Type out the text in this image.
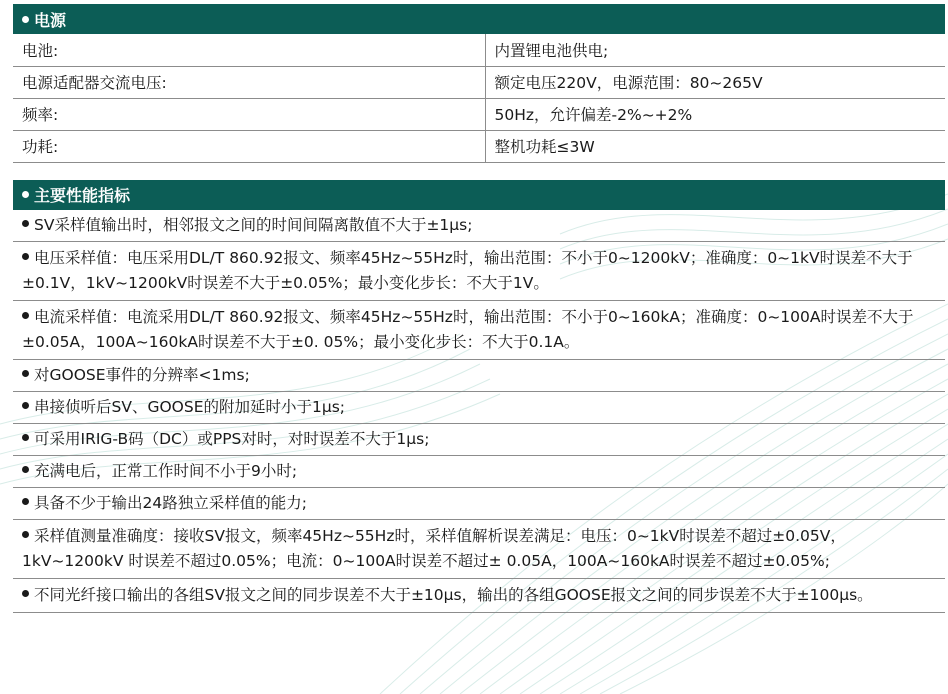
电源
电池:	内置锂电池供电;
电源适配器交流电压:	额定电压220V，电源范围：80~265V
频率:	50Hz，允许偏差-2%~+2%
功耗:	整机功耗≤3W
主要性能指标
SV采样值输出时，相邻报文之间的时间间隔离散值不大于±1μs;
电压采样值：电压采用DL/T 860.92报文、频率45Hz~55Hz时，输出范围：不小于0~1200kV；准确度：0~1kV时误差不大于±0.1V，1kV~1200kV时误差不大于±0.05%；最小变化步长：不大于1V。
电流采样值：电流采用DL/T 860.92报文、频率45Hz~55Hz时，输出范围：不小于0~160kA；准确度：0~100A时误差不大于±0.05A，100A~160kA时误差不大于±0. 05%；最小变化步长：不大于0.1A。
对GOOSE事件的分辨率<1ms;
串接侦听后SV、GOOSE的附加延时小于1μs;
可采用IRIG-B码（DC）或PPS对时，对时误差不大于1μs;
充满电后，正常工作时间不小于9小时;
具备不少于输出24路独立采样值的能力;
采样值测量准确度：接收SV报文，频率45Hz~55Hz时，采样值解析误差满足：电压：0~1kV时误差不超过±0.05V，1kV~1200kV 时误差不超过0.05%；电流：0~100A时误差不超过± 0.05A，100A~160kA时误差不超过±0.05%;
不同光纤接口输出的各组SV报文之间的同步误差不大于±10μs，输出的各组GOOSE报文之间的同步误差不大于±100μs。
